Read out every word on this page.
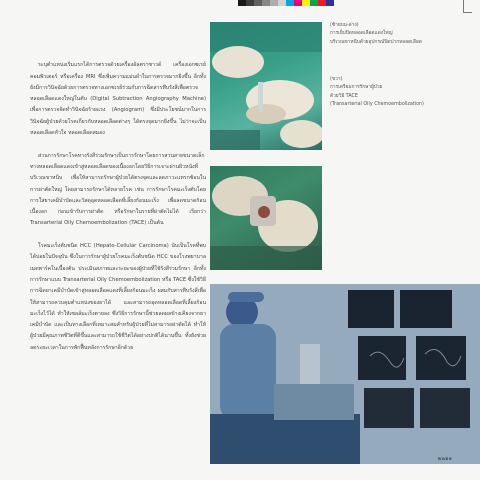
ระบุตำแหน่งเริ่มแรกได้การตรวจด้วยเครื่องอัลตราซาวด์ เครื่องเอกซเรย์คอมพิวเตอร์ หรือเครื่อง MRI ซึ่งเพิ่มความแม่นยำในการตรวจมากยิ่งขึ้น อีกทั้งยังมีการวินิจฉัยด้วยการตรวจทางเอกซเรย์ร่วมกับการฉีดสารทึบรังสีเพื่อตรวจหลอดเลือดแดงใหญ่ในตับ (Digital Subtraction Angiography Machine) เพื่อการตรวจจัดทำวินิจฉัยร้ายแรง (Angiogram) ซึ่งมีประโยชน์มากในการวินิจฉัยผู้ป่วยด้วยโรคเกี่ยวกับหลอดเลือดต่างๆ ได้ตรงจุดมากยิ่งขึ้น ไม่ว่าจะเป็นหลอดเลือดหัวใจ หลอดเลือดสมอง

ส่วนการรักษาโรคทางรังสีร่วมรักษาเป็นการรักษาโดยการสวนสายขนาดเล็กทางหลอดเลือดแดงเข้าสู่หลอดเลือดของเนื้องอกโดยวิธีการเจาะผ่านผิวหนังที่บริเวณขาหนีบ เพื่อให้สามารถรักษาผู้ป่วยได้ตรงจุดและลดภาวะแทรกซ้อนในการผ่าตัดใหญ่ โดยสามารถรักษาได้หลายโรค เช่น การรักษาโรคมะเร็งตับโดยการใส่ยาเคมีบำบัดและวัสดุอุดหลอดเลือดที่เลี้ยงก้อนมะเร็ง เพื่อลดขนาดก้อนเนื้องอก ก่อนเข้ารับการผ่าตัด หรือรักษาในรายที่ผ่าตัดไม่ได้ เรียกว่า Transarterial Oily Chemoembolization (TACE) เป็นต้น

โรคมะเร็งตับชนิด HCC (Hepato-Cellular Carcinoma) นับเป็นโรคที่พบได้บ่อยในปัจจุบัน ซึ่งในการรักษาผู้ป่วยโรคมะเร็งตับชนิด HCC ของโรงพยาบาลเมดพาร์คในเบื้องต้น ประเมินสภาพและระยะของผู้ป่วยที่ใช้รังสีร่วมรักษา อีกทั้งการรักษาแบบ Transarterial Oily Chemoembolization หรือ TACE ซึ่งใช้วิธีการฉีดยาเคมีบำบัดเข้าสู่หลอดเลือดแดงที่เลี้ยงก้อนมะเร็ง ผสมกับสารทึบรังสีเพื่อให้สามารถควบคุมตำแหน่งของยาได้ และสามารถอุดหลอดเลือดที่เลี้ยงก้อนมะเร็งไว้ได้ ทำให้เซลล์มะเร็งตายลง ซึ่งวิธีการรักษานี้ช่วยลดผลข้างเคียงจากยาเคมีบำบัด และเป็นทางเลือกที่เหมาะสมสำหรับผู้ป่วยที่ไม่สามารถผ่าตัดได้ ทำให้ผู้ป่วยมีคุณภาพชีวิตที่ดีขึ้นและสามารถใช้ชีวิตได้อย่างปกติได้นานขึ้น ทั้งยังช่วยลดระยะเวลาในการพักฟื้นหลังการรักษาอีกด้วย

(ซ้ายบน-ล่าง)
การเย็บปิดหลอดเลือดแดงใหญ่
บริเวณขาหนีบด้วยอุปกรณ์ปิดปากหลอดเลือด
(ขวา)
การเตรียมการรักษาผู้ป่วย
ด้วยวิธี TACE
(Transarterial Oily Chemoembolization)
๒๒๑๑
